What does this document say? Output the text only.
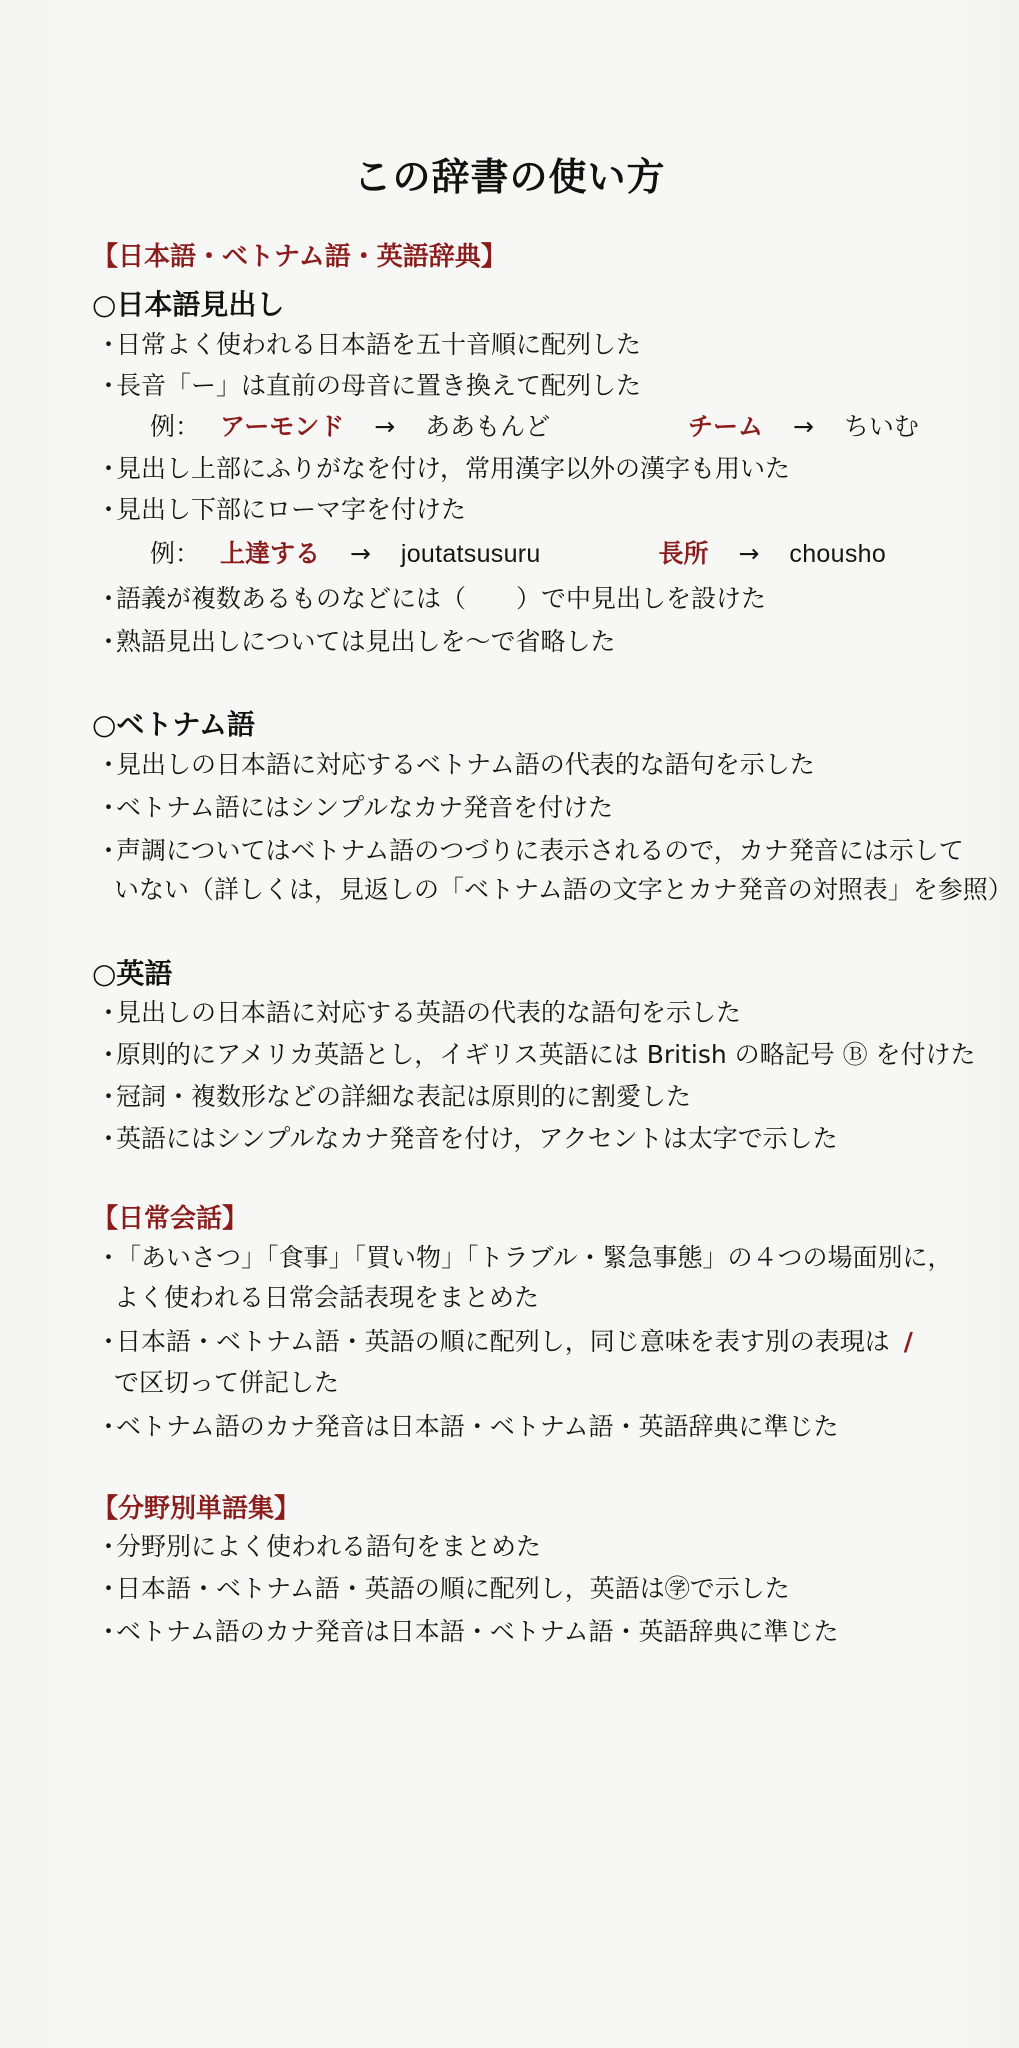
この辞書の使い方
【日本語・ベトナム語・英語辞典】
○日本語見出し
・日常よく使われる日本語を五十音順に配列した
・長音「ー」は直前の母音に置き換えて配列した
例： アーモンド → ああもんど	チーム → ちいむ
・見出し上部にふりがなを付け，常用漢字以外の漢字も用いた
・見出し下部にローマ字を付けた
例： 上達する → joutatsusuru	長所 → chousho
・語義が複数あるものなどには（　　）で中見出しを設けた
・熟語見出しについては見出しを～で省略した
○ベトナム語
・見出しの日本語に対応するベトナム語の代表的な語句を示した
・ベトナム語にはシンプルなカナ発音を付けた
・声調についてはベトナム語のつづりに表示されるので，カナ発音には示して
いない（詳しくは，見返しの「ベトナム語の文字とカナ発音の対照表」を参照）
○英語
・見出しの日本語に対応する英語の代表的な語句を示した
・原則的にアメリカ英語とし，イギリス英語には British の略記号 Ⓑ を付けた
・冠詞・複数形などの詳細な表記は原則的に割愛した
・英語にはシンプルなカナ発音を付け，アクセントは太字で示した
【日常会話】
・「あいさつ」「食事」「買い物」「トラブル・緊急事態」の４つの場面別に，
よく使われる日常会話表現をまとめた
・日本語・ベトナム語・英語の順に配列し，同じ意味を表す別の表現は /
で区切って併記した
・ベトナム語のカナ発音は日本語・ベトナム語・英語辞典に準じた
【分野別単語集】
・分野別によく使われる語句をまとめた
・日本語・ベトナム語・英語の順に配列し，英語は㊫で示した
・ベトナム語のカナ発音は日本語・ベトナム語・英語辞典に準じた
